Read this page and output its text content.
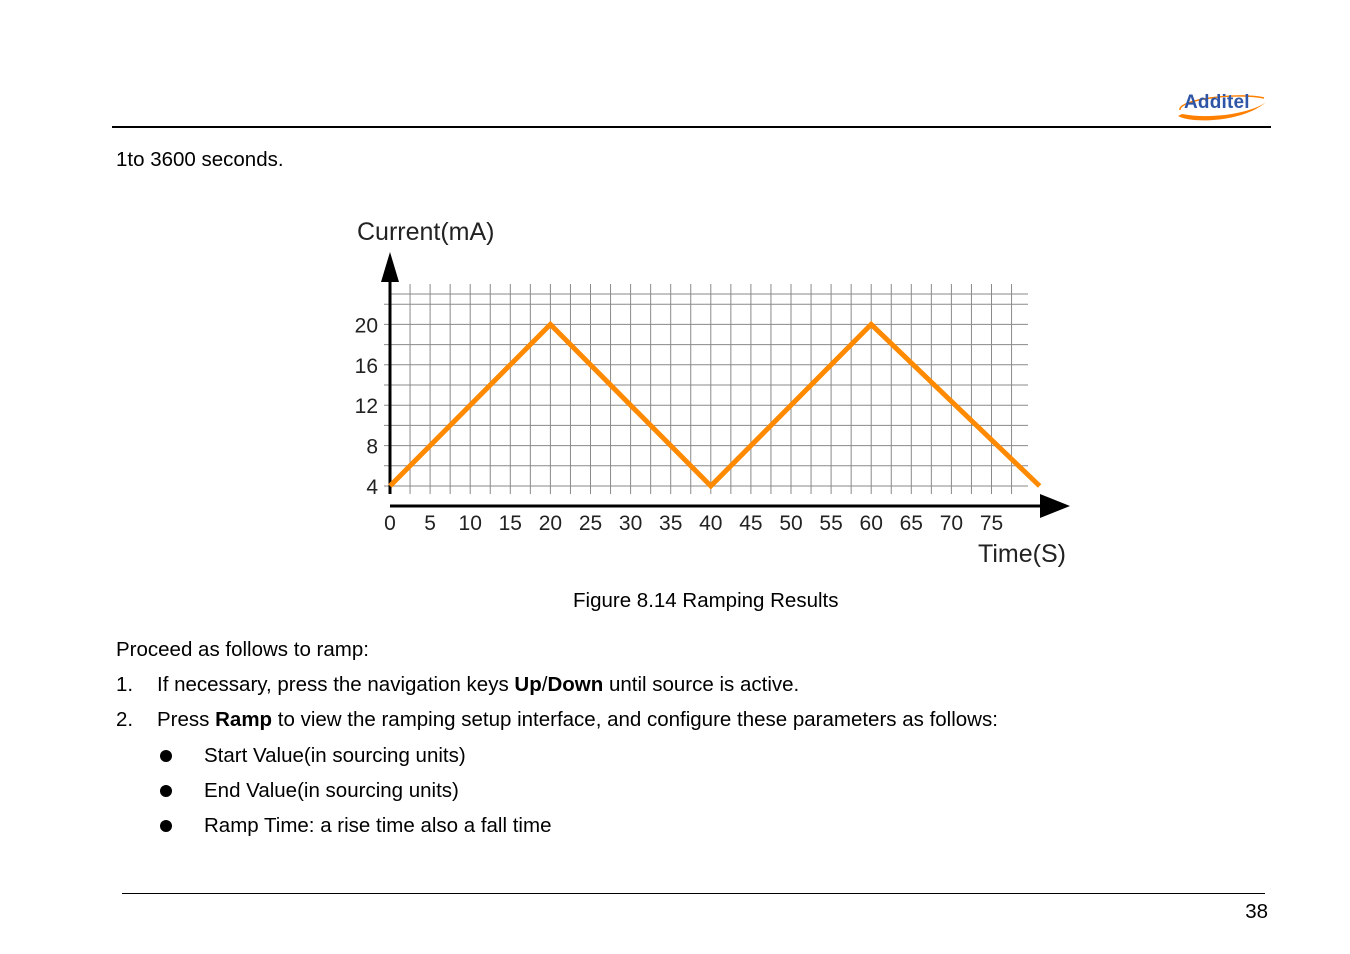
Additel
1to 3600 seconds.
Current(mA)
Time(S)
4
8
12
16
20
0 5 10 15 20 25 30 35 40 45 50 55 60 65 70 75
Figure 8.14 Ramping Results
Proceed as follows to ramp:
1. If necessary, press the navigation keys Up/Down until source is active.
2. Press Ramp to view the ramping setup interface, and configure these parameters as follows:
Start Value(in sourcing units)
End Value(in sourcing units)
Ramp Time: a rise time also a fall time
38
